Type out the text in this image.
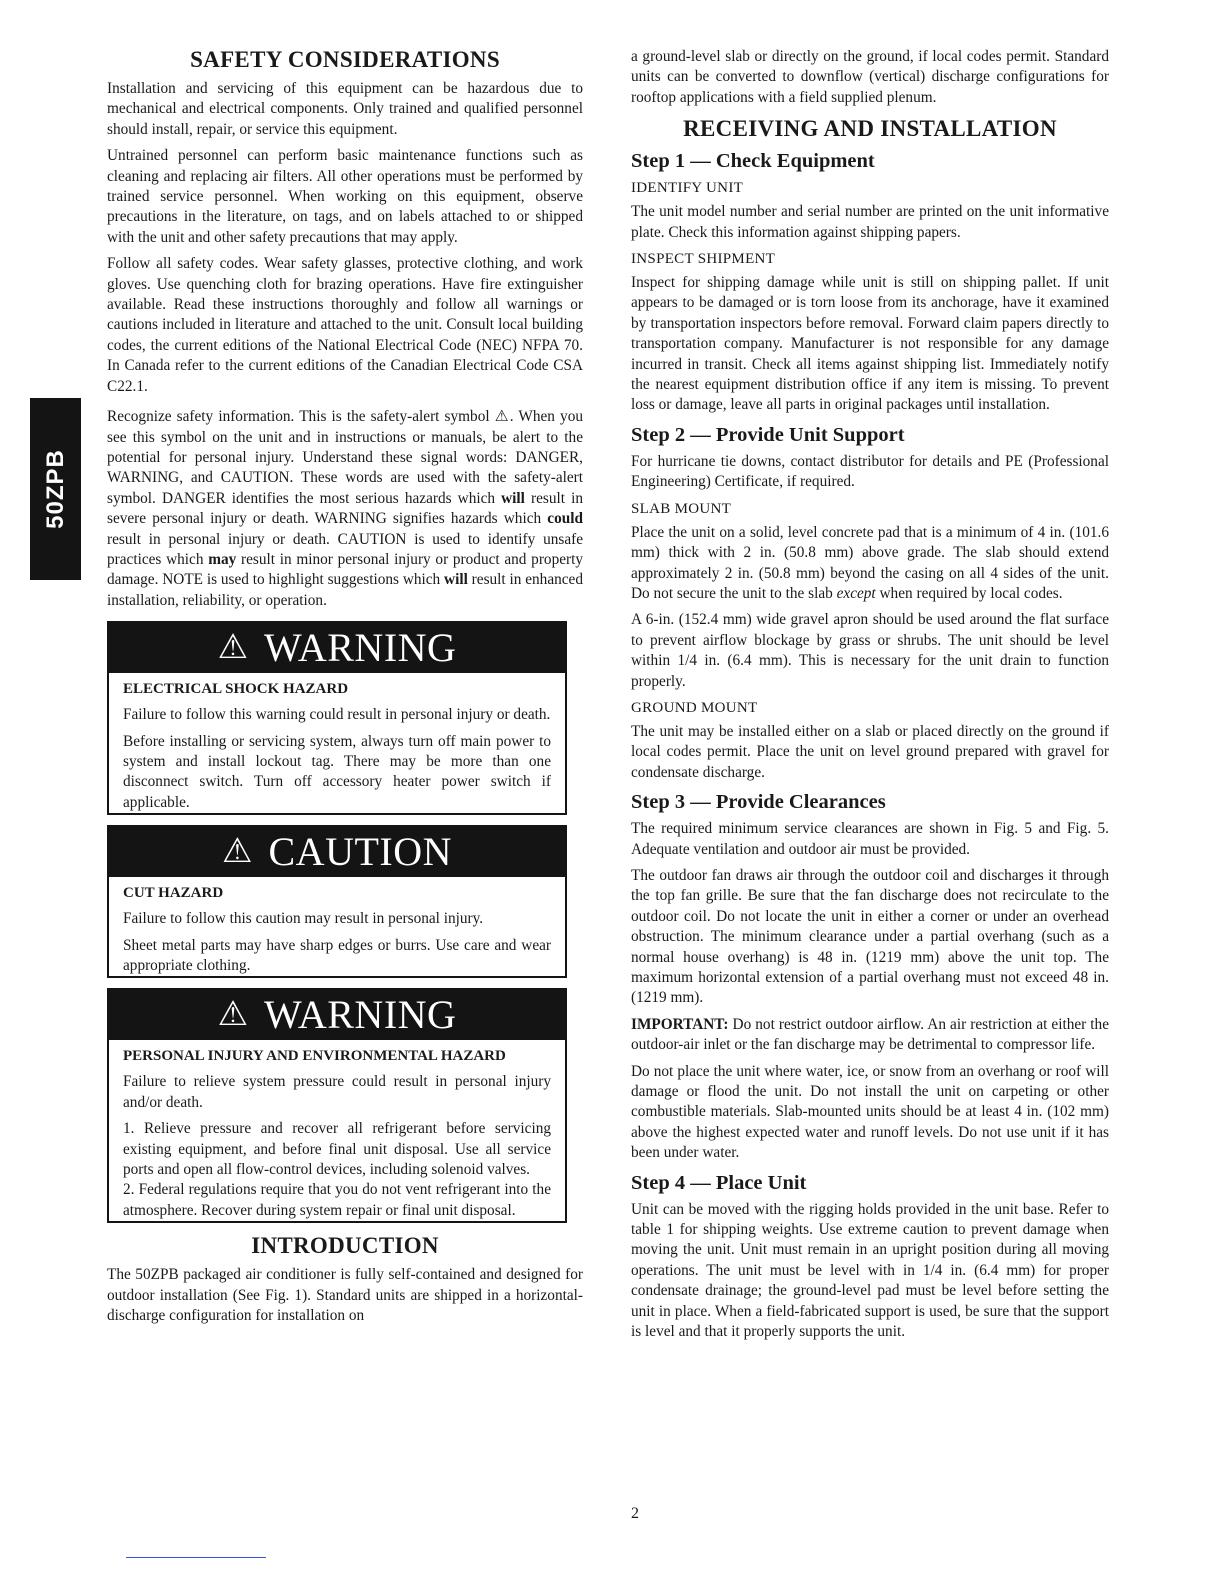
50ZPB
SAFETY CONSIDERATIONS

Installation and servicing of this equipment can be hazardous due to mechanical and electrical components. Only trained and qualified personnel should install, repair, or service this equipment.

Untrained personnel can perform basic maintenance functions such as cleaning and replacing air filters. All other operations must be performed by trained service personnel. When working on this equipment, observe precautions in the literature, on tags, and on labels attached to or shipped with the unit and other safety precautions that may apply.

Follow all safety codes. Wear safety glasses, protective clothing, and work gloves. Use quenching cloth for brazing operations. Have fire extinguisher available. Read these instructions thoroughly and follow all warnings or cautions included in literature and attached to the unit. Consult local building codes, the current editions of the National Electrical Code (NEC) NFPA 70. In Canada refer to the current editions of the Canadian Electrical Code CSA C22.1.

Recognize safety information. This is the safety-alert symbol ⚠. When you see this symbol on the unit and in instructions or manuals, be alert to the potential for personal injury. Understand these signal words: DANGER, WARNING, and CAUTION. These words are used with the safety-alert symbol. DANGER identifies the most serious hazards which will result in severe personal injury or death. WARNING signifies hazards which could result in personal injury or death. CAUTION is used to identify unsafe practices which may result in minor personal injury or product and property damage. NOTE is used to highlight suggestions which will result in enhanced installation, reliability, or operation.

⚠ WARNING
ELECTRICAL SHOCK HAZARD

Failure to follow this warning could result in personal injury or death.

Before installing or servicing system, always turn off main power to system and install lockout tag. There may be more than one disconnect switch. Turn off accessory heater power switch if applicable.

⚠ CAUTION
CUT HAZARD

Failure to follow this caution may result in personal injury.

Sheet metal parts may have sharp edges or burrs. Use care and wear appropriate clothing.

⚠ WARNING
PERSONAL INJURY AND ENVIRONMENTAL HAZARD

Failure to relieve system pressure could result in personal injury and/or death.

1. Relieve pressure and recover all refrigerant before servicing existing equipment, and before final unit disposal. Use all service ports and open all flow-control devices, including solenoid valves.

2. Federal regulations require that you do not vent refrigerant into the atmosphere. Recover during system repair or final unit disposal.

INTRODUCTION

The 50ZPB packaged air conditioner is fully self-contained and designed for outdoor installation (See Fig. 1). Standard units are shipped in a horizontal-discharge configuration for installation on

a ground-level slab or directly on the ground, if local codes permit. Standard units can be converted to downflow (vertical) discharge configurations for rooftop applications with a field supplied plenum.

RECEIVING AND INSTALLATION
Step 1 — Check Equipment
IDENTIFY UNIT

The unit model number and serial number are printed on the unit informative plate. Check this information against shipping papers.

INSPECT SHIPMENT

Inspect for shipping damage while unit is still on shipping pallet. If unit appears to be damaged or is torn loose from its anchorage, have it examined by transportation inspectors before removal. Forward claim papers directly to transportation company. Manufacturer is not responsible for any damage incurred in transit. Check all items against shipping list. Immediately notify the nearest equipment distribution office if any item is missing. To prevent loss or damage, leave all parts in original packages until installation.

Step 2 — Provide Unit Support

For hurricane tie downs, contact distributor for details and PE (Professional Engineering) Certificate, if required.

SLAB MOUNT

Place the unit on a solid, level concrete pad that is a minimum of 4 in. (101.6 mm) thick with 2 in. (50.8 mm) above grade. The slab should extend approximately 2 in. (50.8 mm) beyond the casing on all 4 sides of the unit. Do not secure the unit to the slab except when required by local codes.

A 6-in. (152.4 mm) wide gravel apron should be used around the flat surface to prevent airflow blockage by grass or shrubs. The unit should be level within 1/4 in. (6.4 mm). This is necessary for the unit drain to function properly.

GROUND MOUNT

The unit may be installed either on a slab or placed directly on the ground if local codes permit. Place the unit on level ground prepared with gravel for condensate discharge.

Step 3 — Provide Clearances

The required minimum service clearances are shown in Fig. 5 and Fig. 5. Adequate ventilation and outdoor air must be provided.

The outdoor fan draws air through the outdoor coil and discharges it through the top fan grille. Be sure that the fan discharge does not recirculate to the outdoor coil. Do not locate the unit in either a corner or under an overhead obstruction. The minimum clearance under a partial overhang (such as a normal house overhang) is 48 in. (1219 mm) above the unit top. The maximum horizontal extension of a partial overhang must not exceed 48 in. (1219 mm).

IMPORTANT: Do not restrict outdoor airflow. An air restriction at either the outdoor-air inlet or the fan discharge may be detrimental to compressor life.

Do not place the unit where water, ice, or snow from an overhang or roof will damage or flood the unit. Do not install the unit on carpeting or other combustible materials. Slab-mounted units should be at least 4 in. (102 mm) above the highest expected water and runoff levels. Do not use unit if it has been under water.

Step 4 — Place Unit

Unit can be moved with the rigging holds provided in the unit base. Refer to table 1 for shipping weights. Use extreme caution to prevent damage when moving the unit. Unit must remain in an upright position during all moving operations. The unit must be level with in 1/4 in. (6.4 mm) for proper condensate drainage; the ground-level pad must be level before setting the unit in place. When a field-fabricated support is used, be sure that the support is level and that it properly supports the unit.

2
